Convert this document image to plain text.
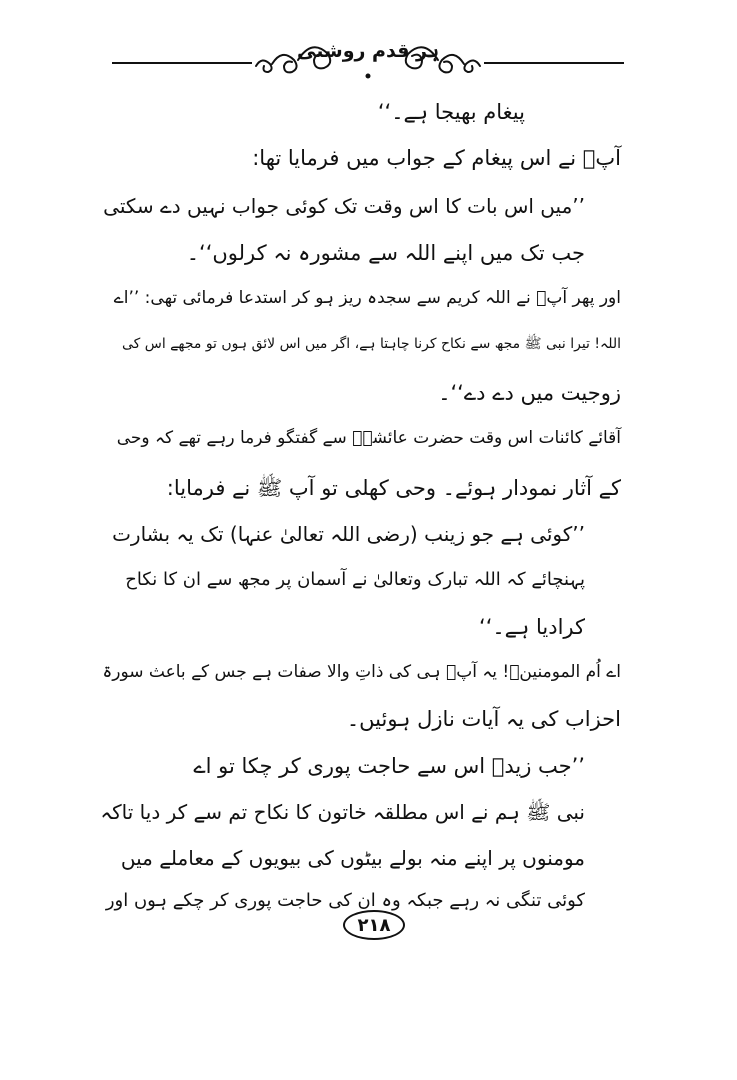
ہر قدم روشنی
پیغام بھیجا ہے۔‘‘
آپؐ نے اس پیغام کے جواب میں فرمایا تھا:
’’میں اس بات کا اس وقت تک کوئی جواب نہیں دے سکتی
جب تک میں اپنے اللہ سے مشورہ نہ کرلوں‘‘۔
اور پھر آپؐ نے اللہ کریم سے سجدہ ریز ہو کر استدعا فرمائی تھی: ’’اے
اللہ! تیرا نبی ﷺ مجھ سے نکاح کرنا چاہتا ہے، اگر میں اس لائق ہوں تو مجھے اس کی
زوجیت میں دے دے‘‘۔
آقائے کائنات اس وقت حضرت عائشہؓ سے گفتگو فرما رہے تھے کہ وحی
کے آثار نمودار ہوئے۔ وحی کھلی تو آپ ﷺ نے فرمایا:
’’کوئی ہے جو زینب (رضی اللہ تعالیٰ عنہا) تک یہ بشارت
پہنچائے کہ اللہ تبارک وتعالیٰ نے آسمان پر مجھ سے ان کا نکاح
کرادیا ہے۔‘‘
اے اُم المومنینؓ! یہ آپؓ ہی کی ذاتِ والا صفات ہے جس کے باعث سورۃ
احزاب کی یہ آیات نازل ہوئیں۔
’’جب زیدؓ اس سے حاجت پوری کر چکا تو اے
نبی ﷺ ہم نے اس مطلقہ خاتون کا نکاح تم سے کر دیا تاکہ
مومنوں پر اپنے منہ بولے بیٹوں کی بیویوں کے معاملے میں
کوئی تنگی نہ رہے جبکہ وہ ان کی حاجت پوری کر چکے ہوں اور
۲۱۸
